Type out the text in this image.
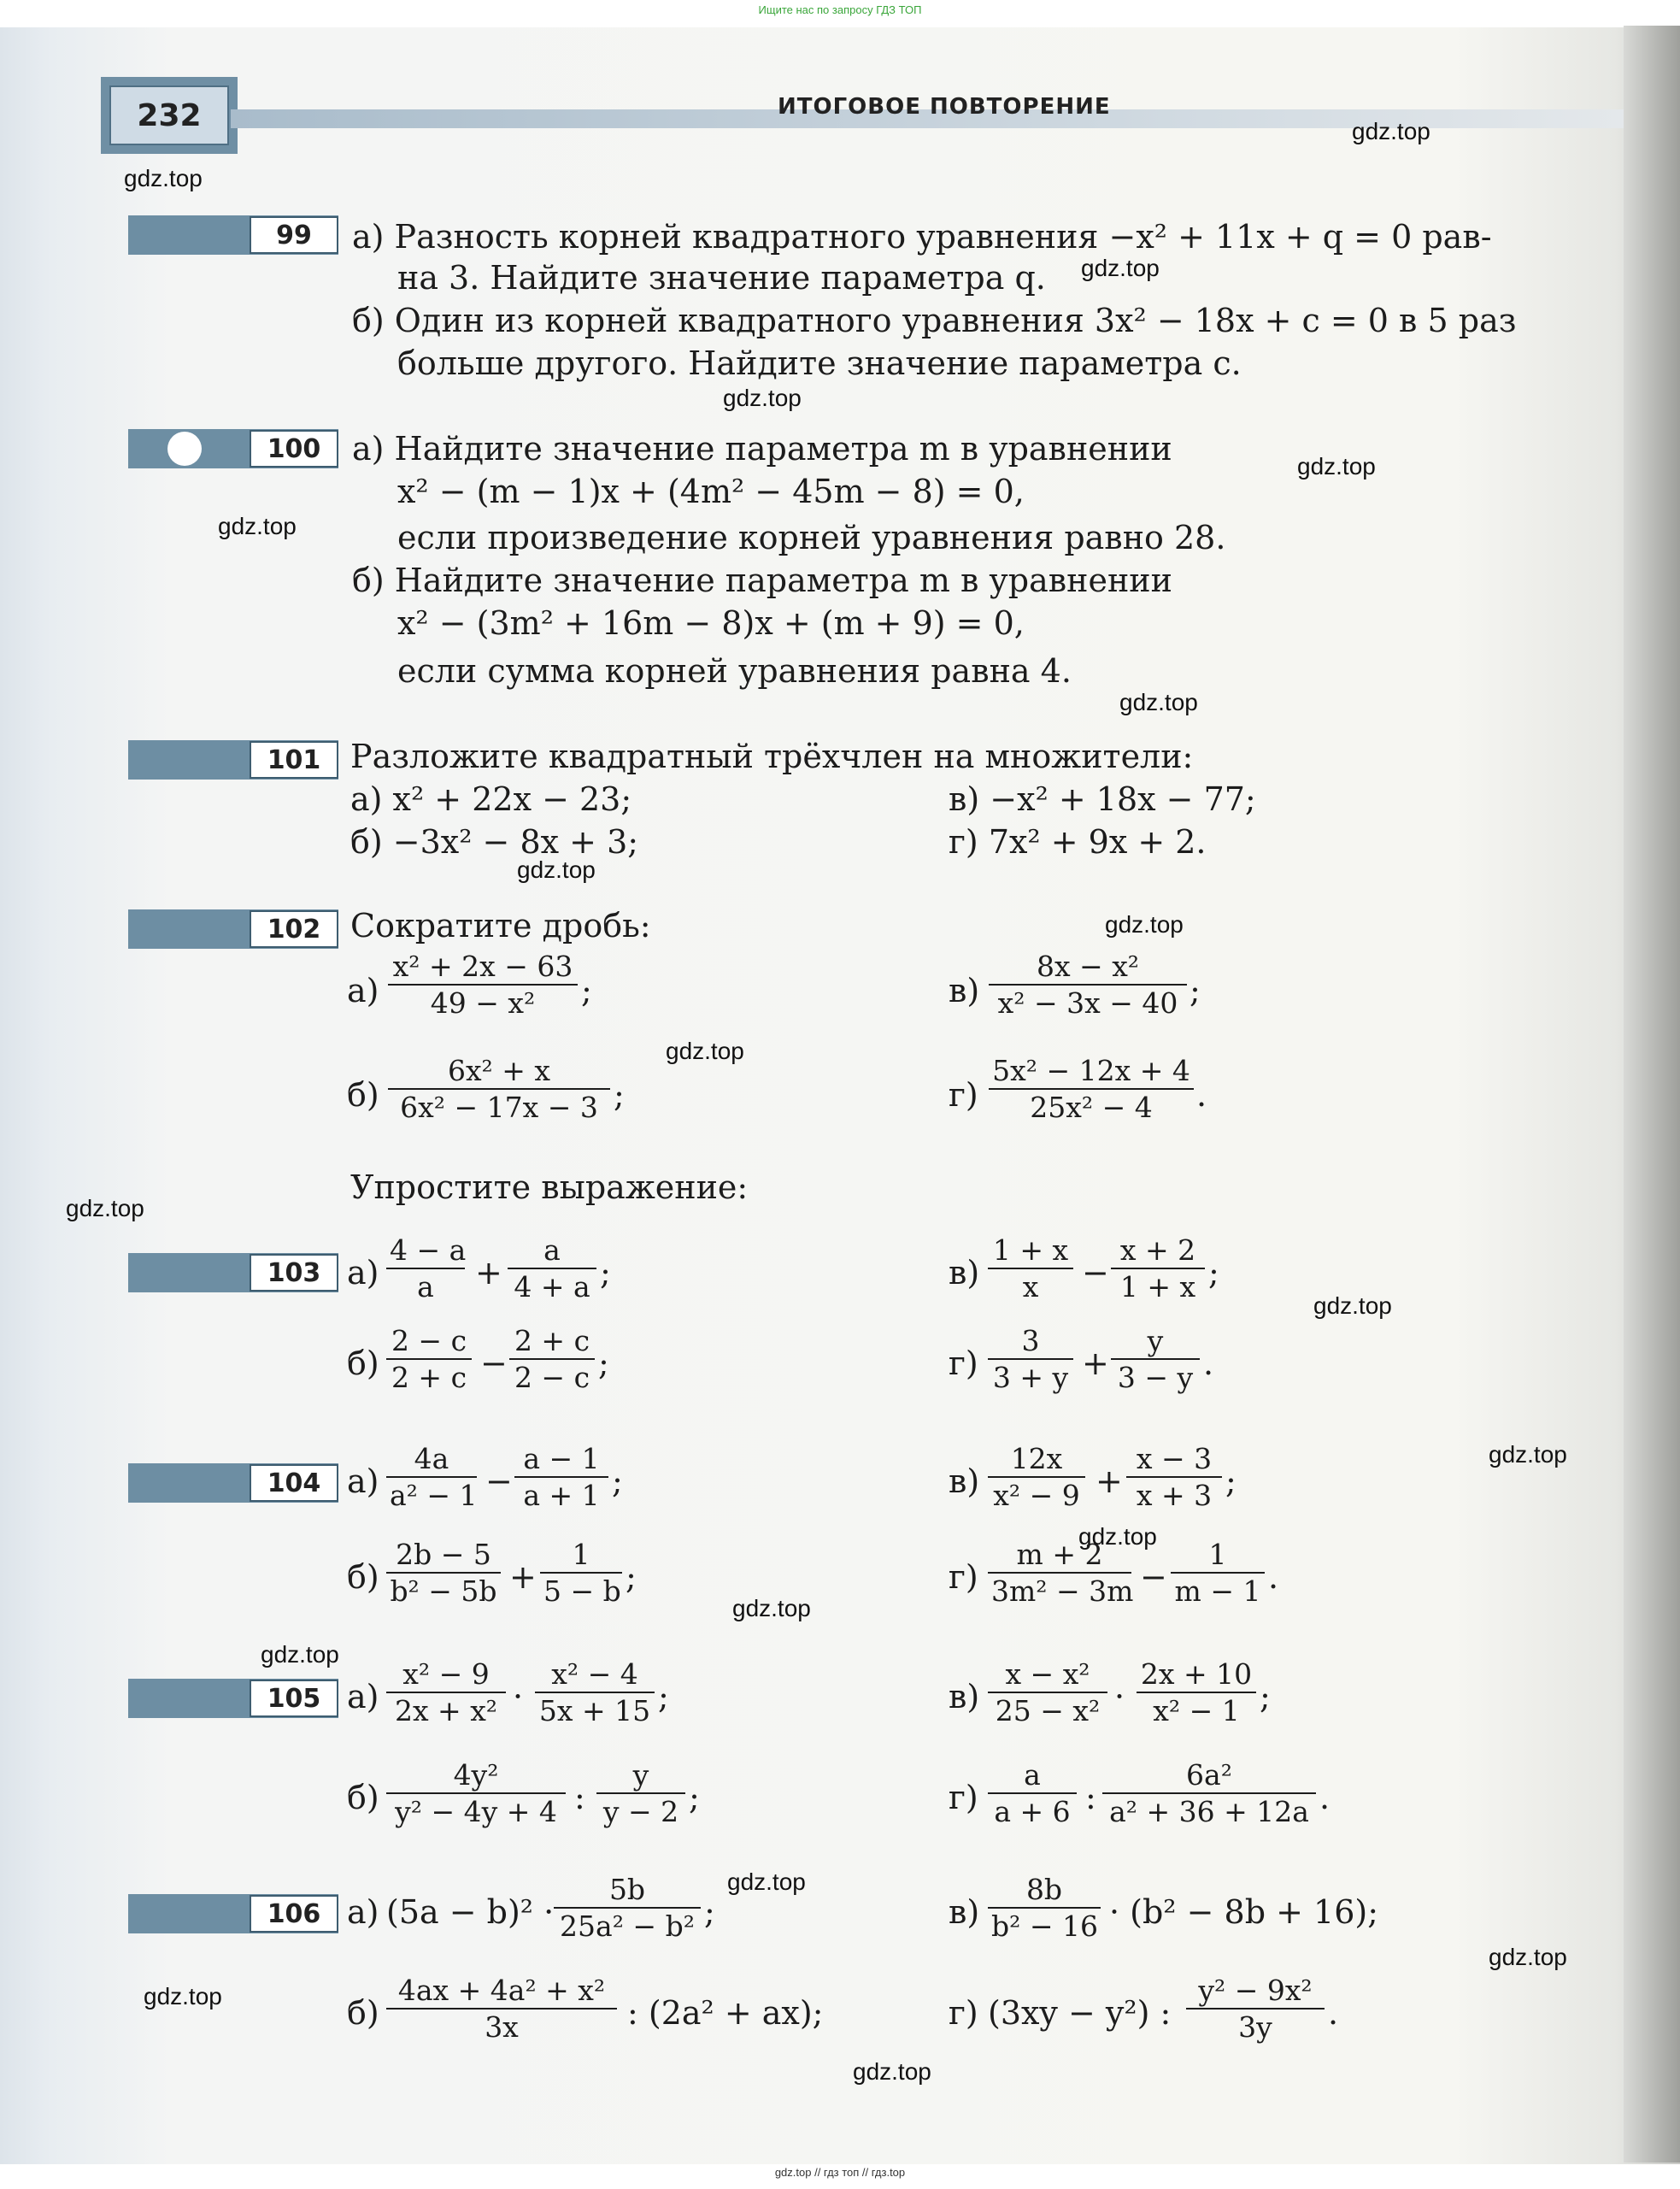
Ищите нас по запросу ГДЗ ТОП
232	ИТОГОВОЕ ПОВТОРЕНИЕ
gdz.top
gdz.top
gdz.top
gdz.top
gdz.top
gdz.top
gdz.top
gdz.top
gdz.top
gdz.top
gdz.top
gdz.top
gdz.top
gdz.top
gdz.top
gdz.top
gdz.top
gdz.top
gdz.top
gdz.top
99	а) Разность корней квадратного уравнения −x² + 11x + q = 0 рав-
на 3. Найдите значение параметра q.
б) Один из корней квадратного уравнения 3x² − 18x + c = 0 в 5 раз
больше другого. Найдите значение параметра c.
100 а) Найдите значение параметра m в уравнении
x² − (m − 1)x + (4m² − 45m − 8) = 0,
если произведение корней уравнения равно 28.
б) Найдите значение параметра m в уравнении
x² − (3m² + 16m − 8)x + (m + 9) = 0,
если сумма корней уравнения равна 4.
101 Разложите квадратный трёхчлен на множители:
а) x² + 22x − 23;
б) −3x² − 8x + 3;
в) −x² + 18x − 77;
г) 7x² + 9x + 2.
102 Сократите дробь:
$а) \frac{\text{x² + 2x − 63}}{\text{49 − x²}}$ ;	$в) \frac{\text{8x − x²}}{\text{x² − 3x − 40}}$ ;
$б) \frac{\text{6x² + x}}{\text{6x² − 17x − 3}}$ ;	$г) \frac{\text{5x² − 12x + 4}}{\text{25x² − 4}}$ .
Упростите выражение:
103 $а) \frac{4 - a}{a} + \frac{a}{4 + a}$ ;	$в) \frac{1 + x}{x} - \frac{x + 2}{1 + x}$ ;
$б) \frac{2 - c}{2 + c} - \frac{2 + c}{2 - c}$ ;	$г) \frac{3}{3 + y} + \frac{y}{3 - y}$ .
104 $а) \frac{4a}{\text{a² − 1}} - \frac{a - 1}{a + 1}$ ;	$в) \frac{12x}{\text{x² − 9}} + \frac{x - 3}{x + 3}$ ;
$б) \frac{2b - 5}{\text{b² − 5b}} + \frac{1}{5 - b}$ ;	$г) \frac{m + 2}{\text{3m² − 3m}} - \frac{1}{m - 1}$ .
105 $а) \frac{\text{x² − 9}}{\text{2x + x²}} \cdot \frac{\text{x² − 4}}{5x + 15}$ ;	$в) \frac{\text{x − x²}}{\text{25 − x²}} \cdot \frac{2x + 10}{\text{x² − 1}}$ ;
$б) \frac{\text{4y²}}{\text{y² − 4y + 4}}$ : $\frac{y}{y - 2}$ ;	$г) \frac{a}{a + 6}$ : $\frac{\text{6a²}}{\text{a² + 36 + 12a}}$ .
106 а) $(5a - b)^2 \cdot \frac{5b}{\text{25a² − b²}}$ ;	$в) \frac{8b}{\text{b² − 16}} \cdot (b^2 - 8b + 16)$;
$б) \frac{\text{4ax + 4a² + x²}}{3x}$ : (2a² + ax);	г) (3xy − y²) : $\frac{\text{y² − 9x²}}{3y}$ .
gdz.top // гдз топ // гдз.top
